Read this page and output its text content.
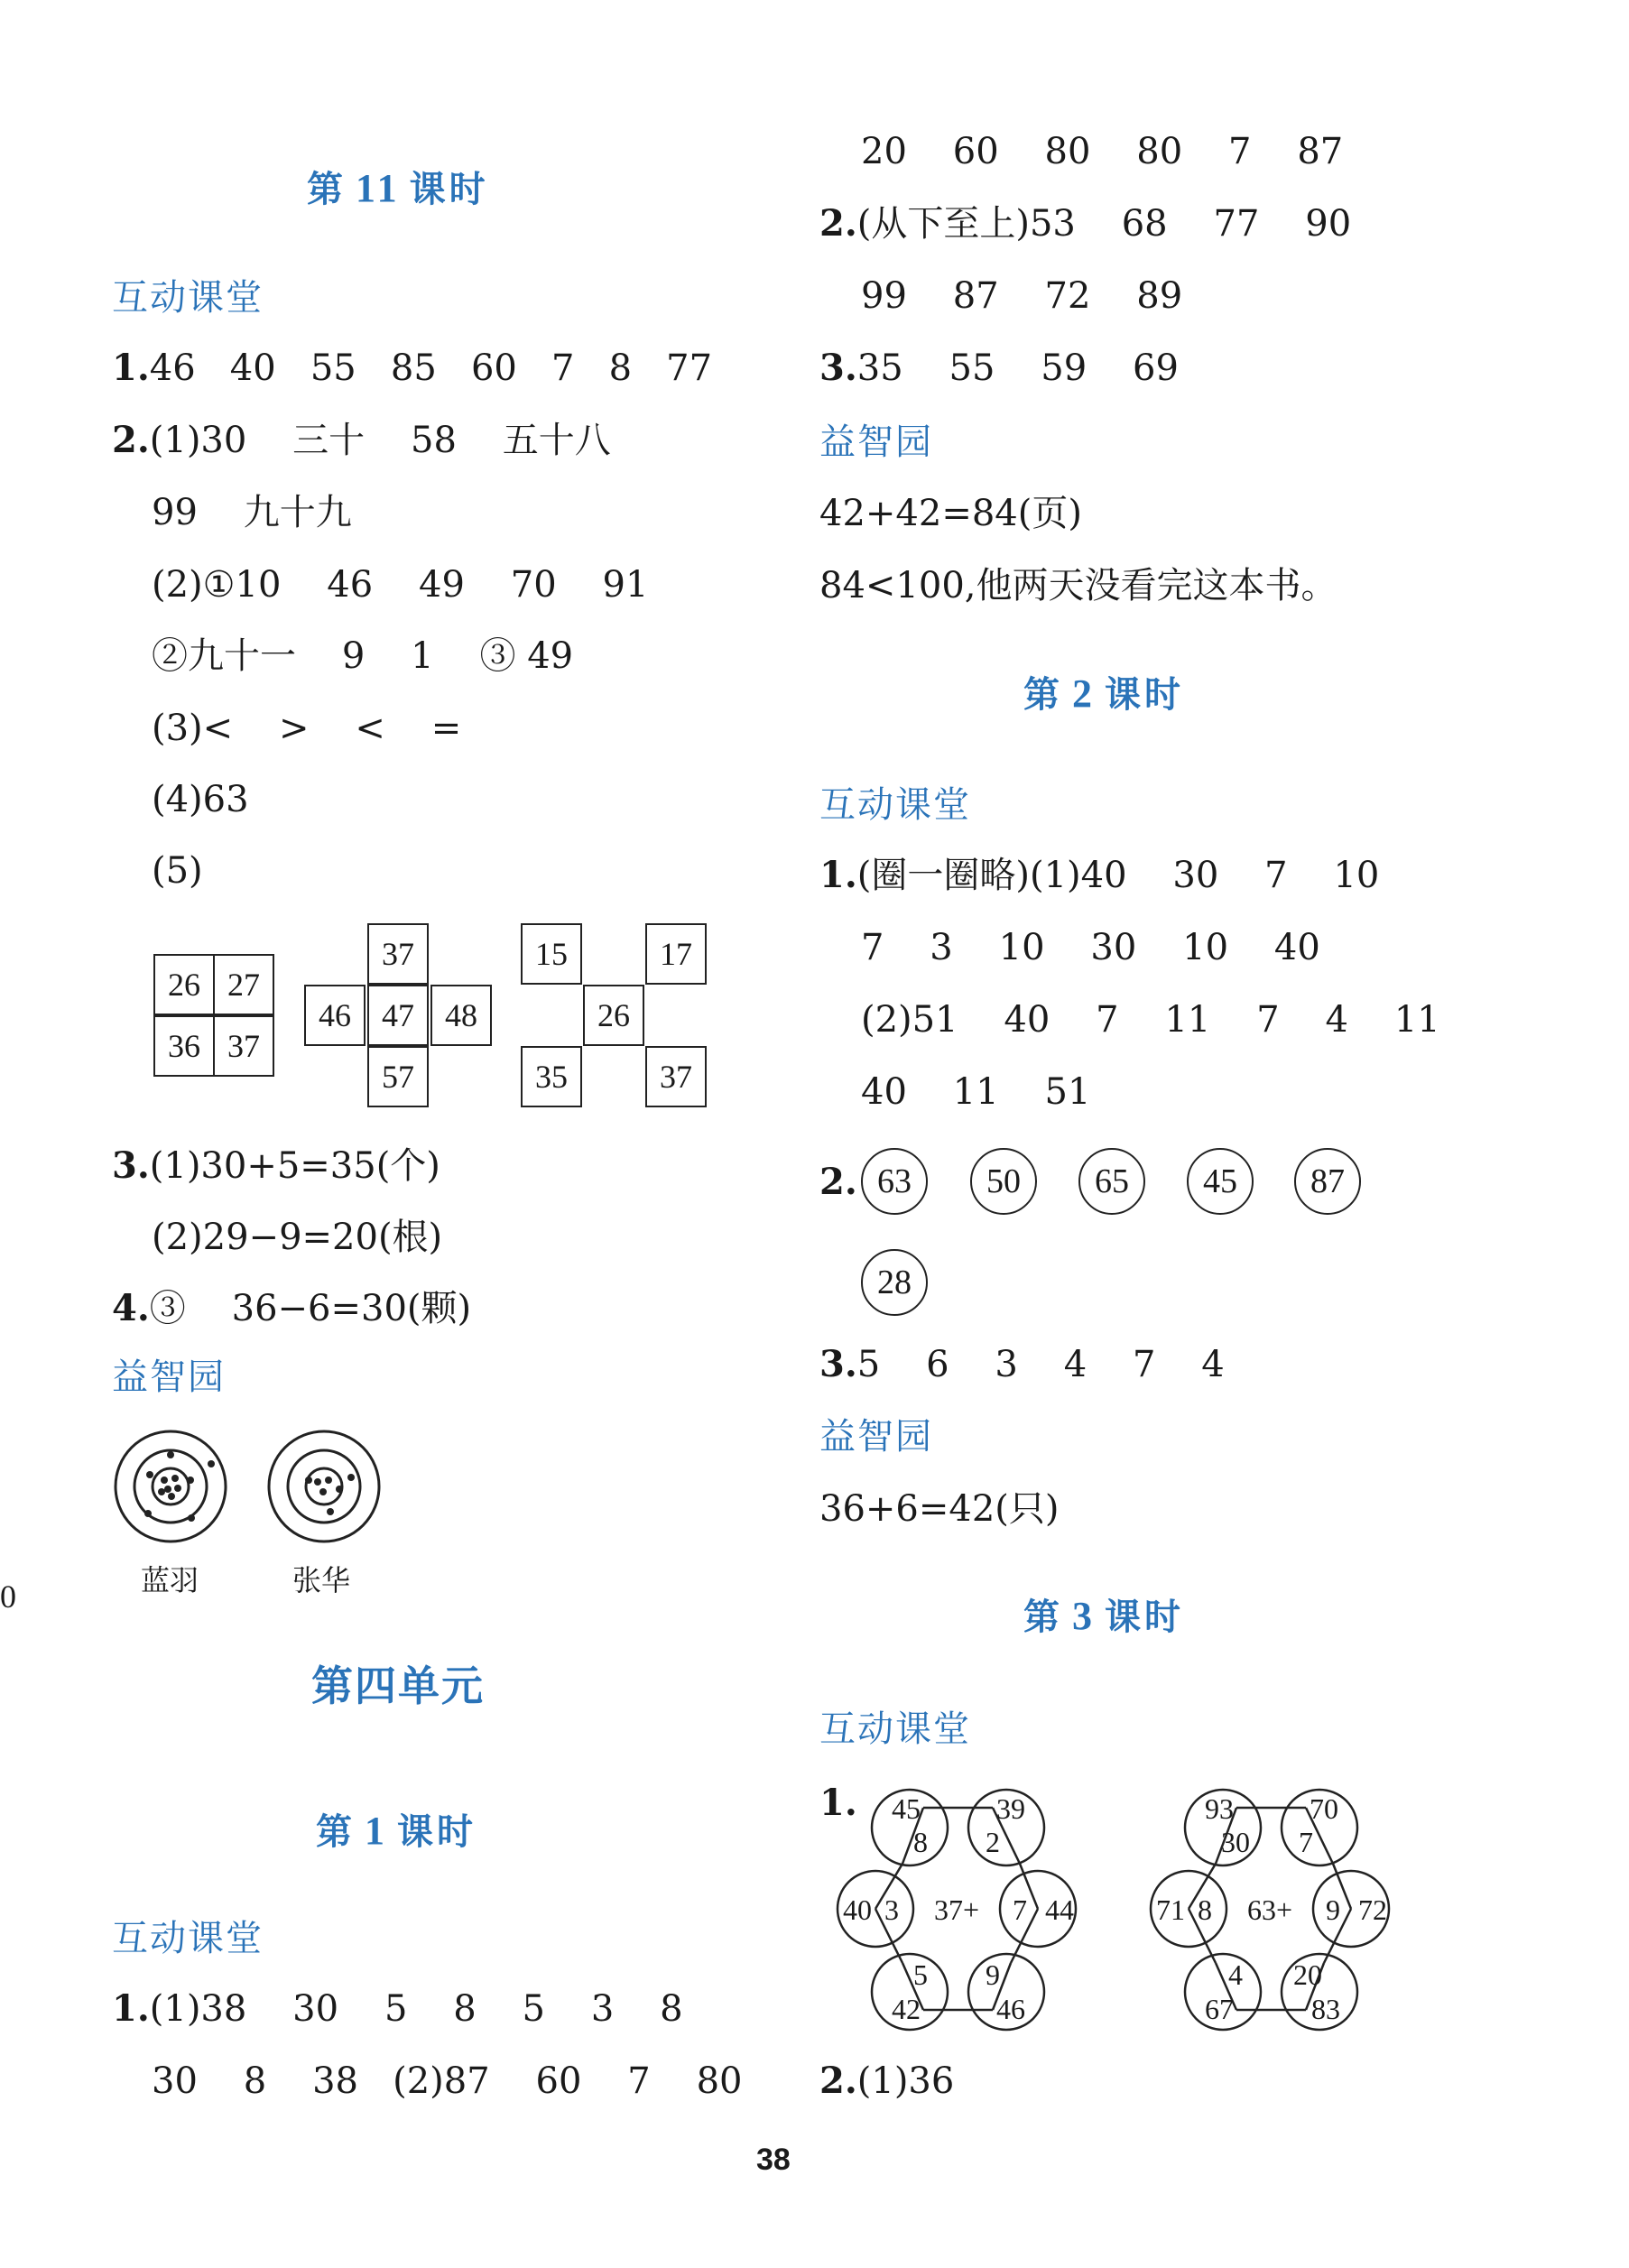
第 11 课时
互动课堂
1.46   40   55   85   60   7   8   77
2.(1)30    三十    58    五十八
99    九十九
(2)①10    46    49    70    91
②九十一    9    1    ③ 49
(3)<    >    <    =
(4)63
(5)
26 27
36 37
37
46 47 48
57
15	17
26
35	37
3.(1)30+5=35(个)
(2)29−9=20(根)
4.③    36−6=30(颗)
益智园
蓝羽	张华
0
第四单元
第 1 课时
互动课堂
1.(1)38    30    5    8    5    3    8
30    8    38   (2)87    60    7    80
20    60    80    80    7    87
2.(从下至上)53    68    77    90
99    87    72    89
3.35    55    59    69
益智园
42+42=84(页)
84<100,他两天没看完这本书。
第 2 课时
互动课堂
1.(圈一圈略)(1)40    30    7    10
7    3    10    30    10    40
(2)51    40    7    11    7    4    11
40    11    51
2. 63	50	65	45	87
28
3.5    6    3    4    7    4
益智园
36+6=42(只)
第 3 课时
互动课堂
1.
37+
45
8
39
2
40 3	7 44
5
42
9
46
63+
93
30
70
7
71 8	9 72
4
67
20
83
2.(1)36
38
